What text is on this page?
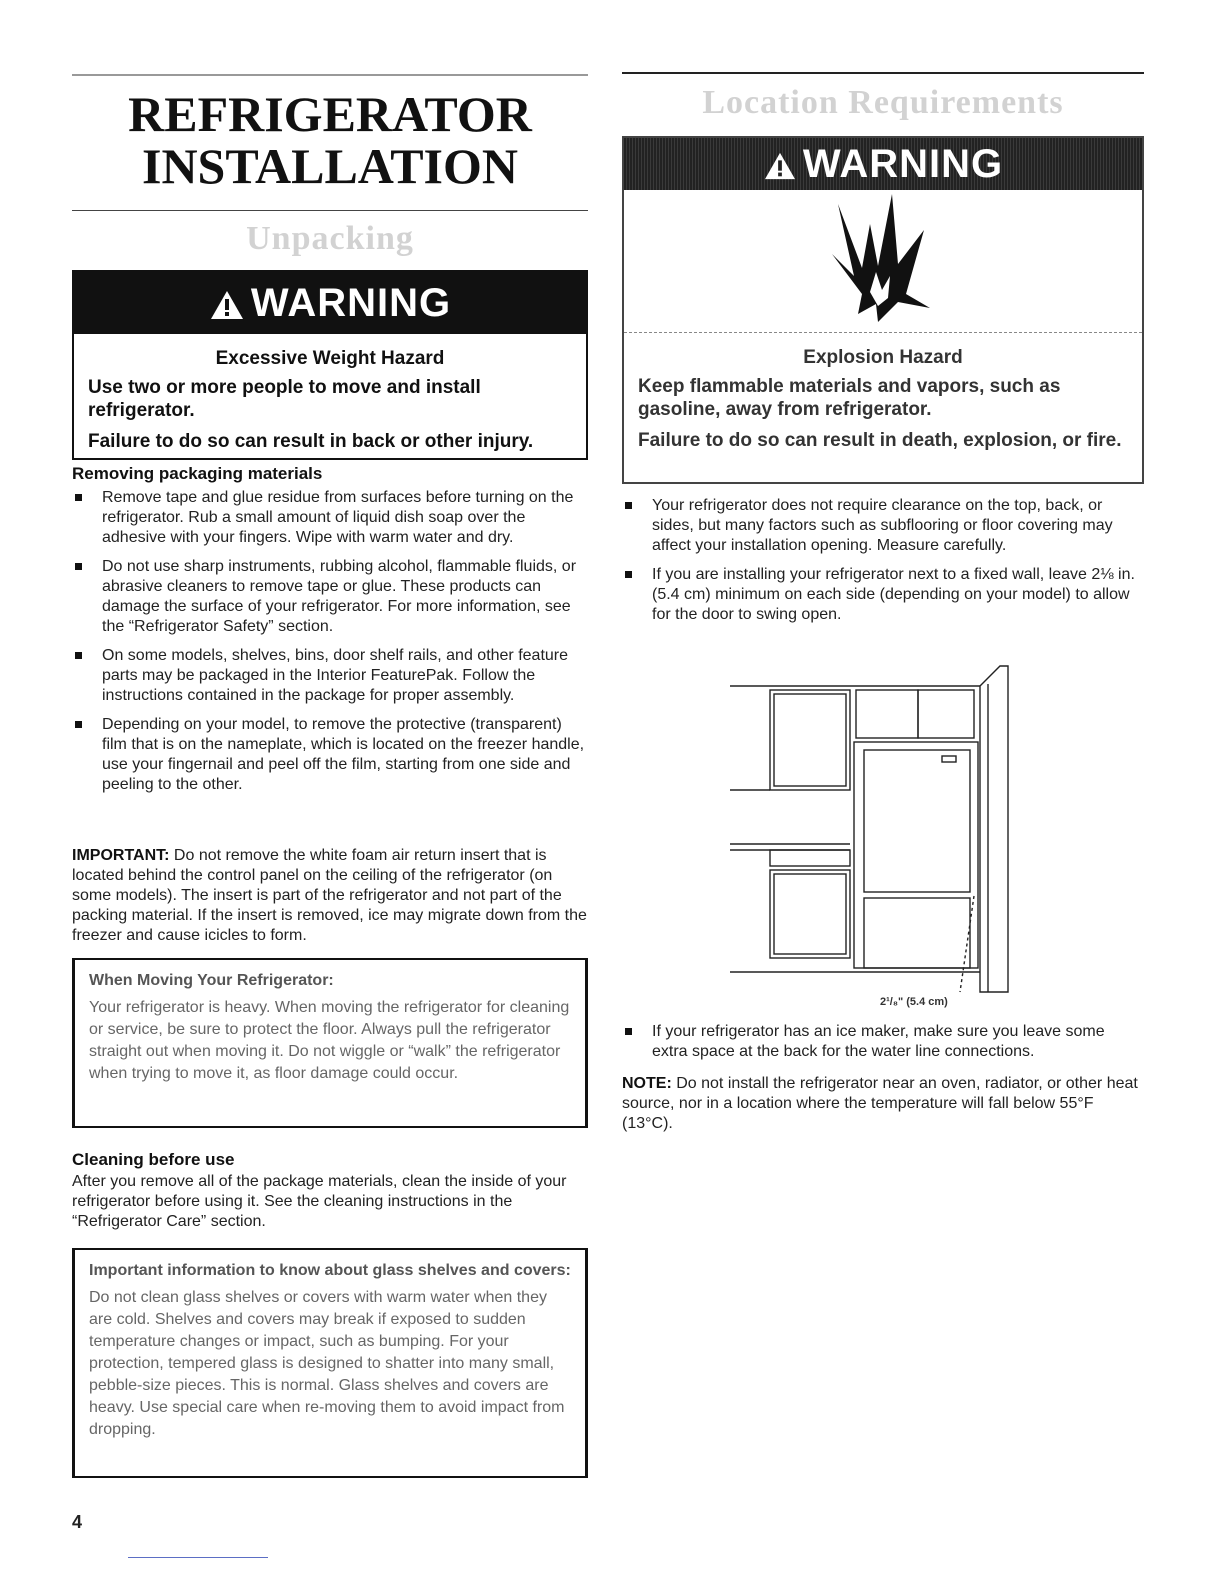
REFRIGERATOR
INSTALLATION
Unpacking
WARNING
Excessive Weight Hazard
Use two or more people to move and install refrigerator.
Failure to do so can result in back or other injury.
Removing packaging materials
Remove tape and glue residue from surfaces before turning on the refrigerator. Rub a small amount of liquid dish soap over the adhesive with your fingers. Wipe with warm water and dry.
Do not use sharp instruments, rubbing alcohol, flammable fluids, or abrasive cleaners to remove tape or glue. These products can damage the surface of your refrigerator. For more information, see the “Refrigerator Safety” section.
On some models, shelves, bins, door shelf rails, and other feature parts may be packaged in the Interior FeaturePak. Follow the instructions contained in the package for proper assembly.
Depending on your model, to remove the protective (transparent) film that is on the nameplate, which is located on the freezer handle, use your fingernail and peel off the film, starting from one side and peeling to the other.

IMPORTANT: Do not remove the white foam air return insert that is located behind the control panel on the ceiling of the refrigerator (on some models). The insert is part of the refrigerator and not part of the packing material. If the insert is removed, ice may migrate down from the freezer and cause icicles to form.

When Moving Your Refrigerator:

Your refrigerator is heavy. When moving the refrigerator for cleaning or service, be sure to protect the floor. Always pull the refrigerator straight out when moving it. Do not wiggle or “walk” the refrigerator when trying to move it, as floor damage could occur.

Cleaning before use

After you remove all of the package materials, clean the inside of your refrigerator before using it. See the cleaning instructions in the “Refrigerator Care” section.

Important information to know about glass shelves and covers:

Do not clean glass shelves or covers with warm water when they are cold. Shelves and covers may break if exposed to sudden temperature changes or impact, such as bumping. For your protection, tempered glass is designed to shatter into many small, pebble-size pieces. This is normal. Glass shelves and covers are heavy. Use special care when re-moving them to avoid impact from dropping.

Location Requirements
WARNING
Explosion Hazard
Keep flammable materials and vapors, such as gasoline, away from refrigerator.
Failure to do so can result in death, explosion, or fire.
Your refrigerator does not require clearance on the top, back, or sides, but many factors such as subflooring or floor covering may affect your installation opening. Measure carefully.
If you are installing your refrigerator next to a fixed wall, leave 2⅛ in. (5.4 cm) minimum on each side (depending on your model) to allow for the door to swing open.
2¹/₈" (5.4 cm)
If your refrigerator has an ice maker, make sure you leave some extra space at the back for the water line connections.

NOTE: Do not install the refrigerator near an oven, radiator, or other heat source, nor in a location where the temperature will fall below 55°F (13°C).

4
